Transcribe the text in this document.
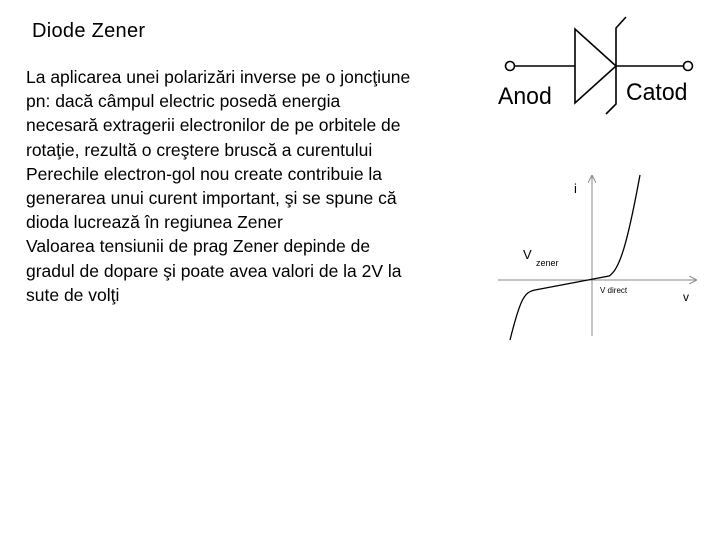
Diode Zener
La aplicarea unei polarizări inverse pe o joncţiune
pn: dacă câmpul electric posedă energia
necesară extragerii electronilor de pe orbitele de
rotaţie, rezultă o creştere bruscă a curentului
Perechile electron-gol nou create contribuie la
generarea unui curent important, şi se spune că
dioda lucrează în regiunea Zener
Valoarea tensiunii de prag Zener depinde de
gradul de dopare şi poate avea valori de la 2V la
sute de volţi
Anod	Catod
i
v
V
zener
V direct
